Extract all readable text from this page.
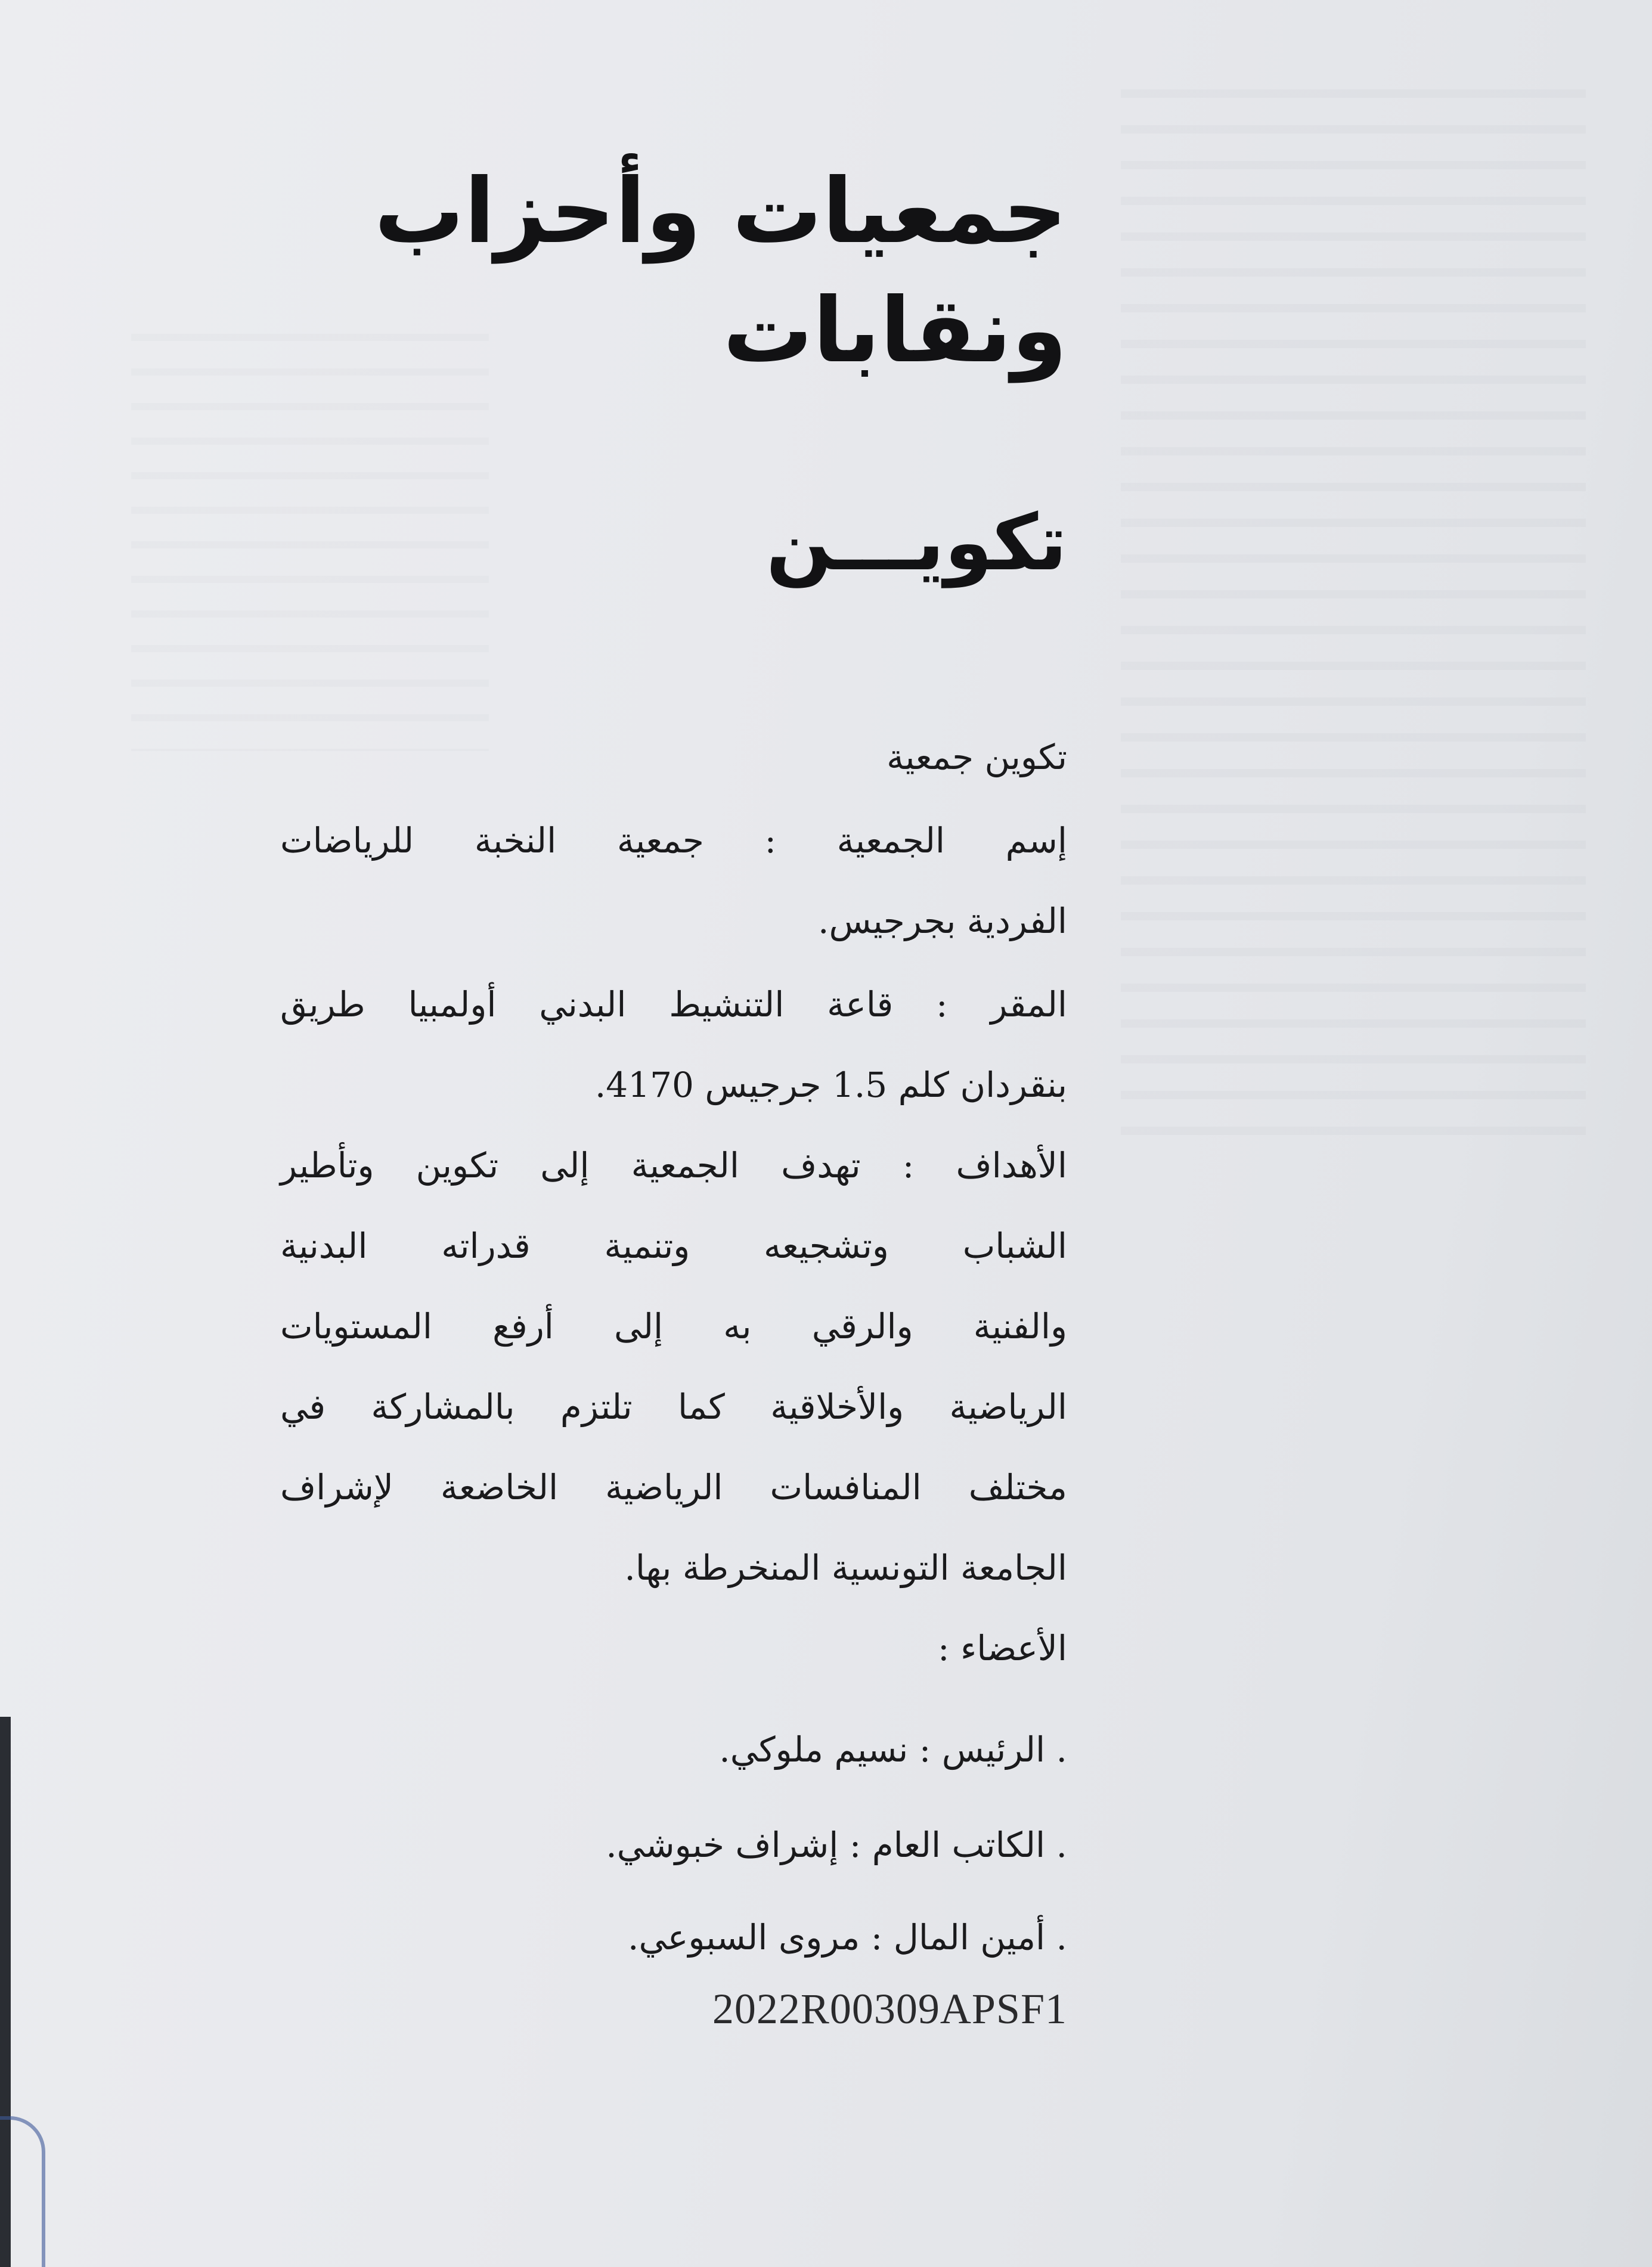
جمعيات وأحزاب
ونقابات
تكويـــن
تكوين جمعية
إسم الجمعية : جمعية النخبة للرياضات
الفردية بجرجيس.
المقر : قاعة التنشيط البدني أولمبيا طريق
بنقردان كلم 1.5 جرجيس 4170.
الأهداف : تهدف الجمعية إلى تكوين وتأطير
الشباب وتشجيعه وتنمية قدراته البدنية
والفنية والرقي به إلى أرفع المستويات
الرياضية والأخلاقية كما تلتزم بالمشاركة في
مختلف المنافسات الرياضية الخاضعة لإشراف
الجامعة التونسية المنخرطة بها.
الأعضاء :
. الرئيس : نسيم ملوكي.
. الكاتب العام : إشراف خبوشي.
. أمين المال : مروى السبوعي.
2022R00309APSF1
